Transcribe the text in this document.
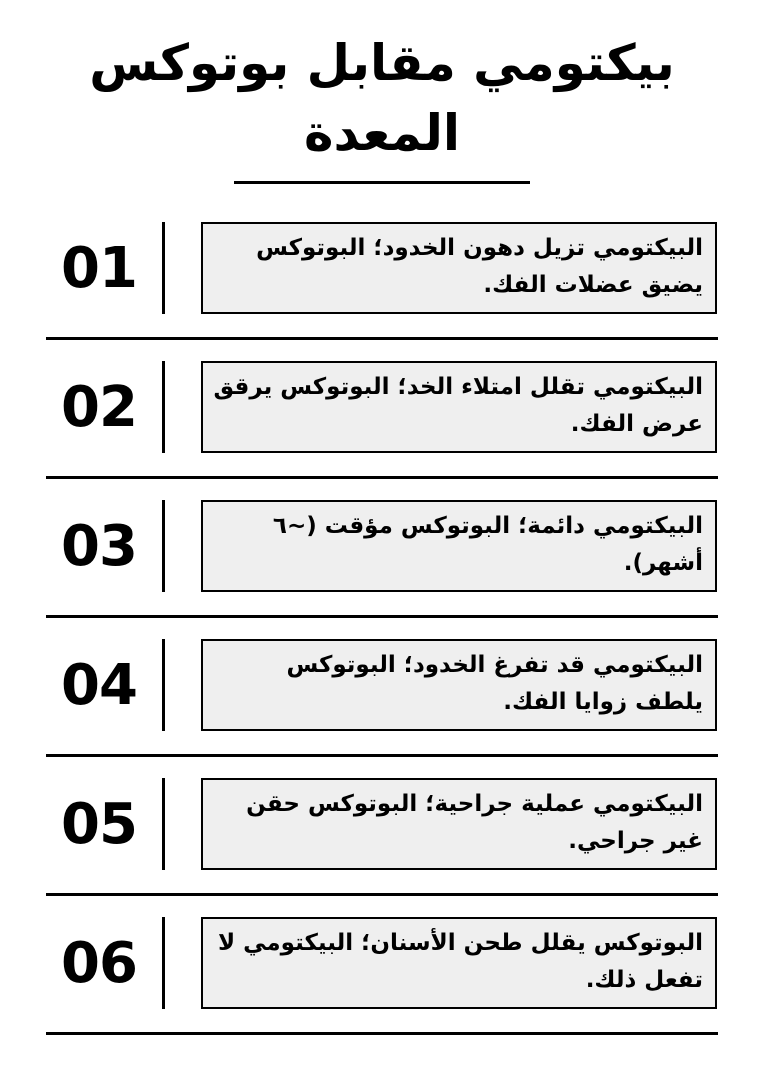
بيكتومي مقابل بوتوكس المعدة
01	البيكتومي تزيل دهون الخدود؛ البوتوكس يضيق عضلات الفك.
02	البيكتومي تقلل امتلاء الخد؛ البوتوكس يرقق عرض الفك.
03	البيكتومي دائمة؛ البوتوكس مؤقت (~٦ أشهر).
04	البيكتومي قد تفرغ الخدود؛ البوتوكس يلطف زوايا الفك.
05	البيكتومي عملية جراحية؛ البوتوكس حقن غير جراحي.
06	البوتوكس يقلل طحن الأسنان؛ البيكتومي لا تفعل ذلك.
